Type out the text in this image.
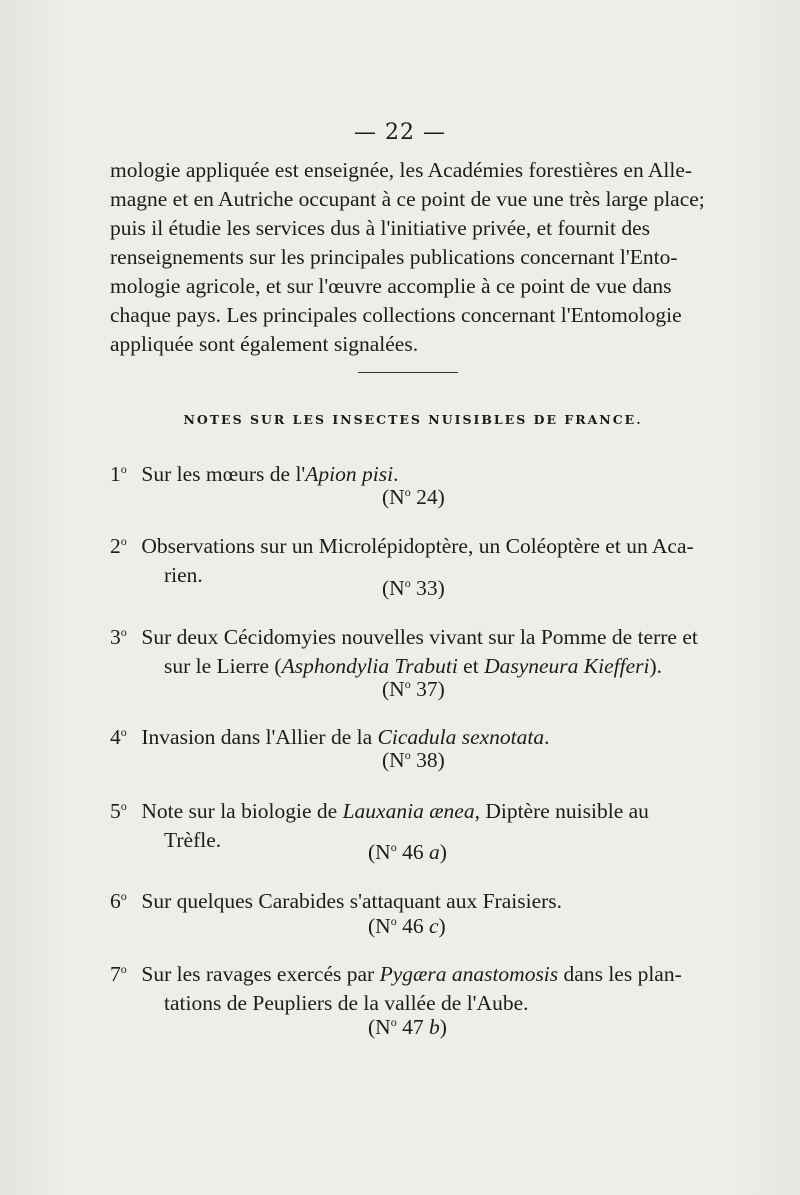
— 22 —
mologie appliquée est enseignée, les Académies forestières en Alle-
magne et en Autriche occupant à ce point de vue une très large place;
puis il étudie les services dus à l'initiative privée, et fournit des
renseignements sur les principales publications concernant l'Ento-
mologie agricole, et sur l'œuvre accomplie à ce point de vue dans
chaque pays. Les principales collections concernant l'Entomologie
appliquée sont également signalées.
NOTES SUR LES INSECTES NUISIBLES DE FRANCE.
1$^o$ Sur les mœurs de l'Apion pisi.
($N^o$ 24)
2$^o$ Observations sur un Microlépidoptère, un Coléoptère et un Aca-
rien.
($N^o$ 33)
3$^o$ Sur deux Cécidomyies nouvelles vivant sur la Pomme de terre et
sur le Lierre (Asphondylia Trabuti et Dasyneura Kiefferi).
($N^o$ 37)
4$^o$ Invasion dans l'Allier de la Cicadula sexnotata.
($N^o$ 38)
5$^o$ Note sur la biologie de Lauxania ænea, Diptère nuisible au
Trèfle.
($N^o$ 46 a)
6$^o$ Sur quelques Carabides s'attaquant aux Fraisiers.
($N^o$ 46 c)
7$^o$ Sur les ravages exercés par Pygæra anastomosis dans les plan-
tations de Peupliers de la vallée de l'Aube.
($N^o$ 47 b)
